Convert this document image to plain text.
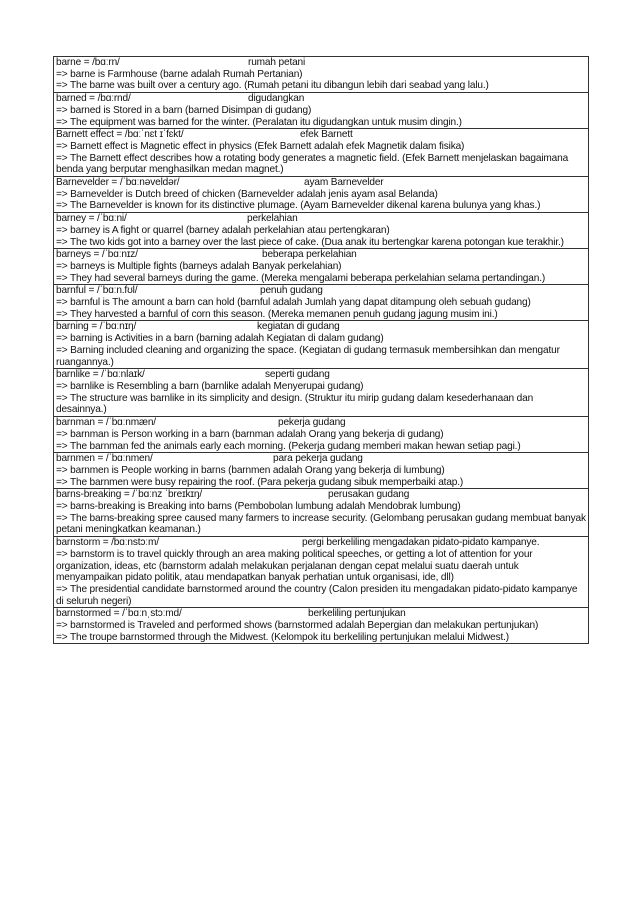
barne = /bɑːrn/	rumah petani
=> barne is Farmhouse (barne adalah Rumah Pertanian)
=> The barne was built over a century ago. (Rumah petani itu dibangun lebih dari seabad yang lalu.)
barned = /bɑːrnd/	digudangkan
=> barned is Stored in a barn (barned Disimpan di gudang)
=> The equipment was barned for the winter. (Peralatan itu digudangkan untuk musim dingin.)
Barnett effect = /bɑːˈnɛt ɪˈfɛkt/	efek Barnett
=> Barnett effect is Magnetic effect in physics (Efek Barnett adalah efek Magnetik dalam fisika)
=> The Barnett effect describes how a rotating body generates a magnetic field. (Efek Barnett menjelaskan bagaimana benda yang berputar menghasilkan medan magnet.)
Barnevelder = /ˈbɑːnəveldər/	ayam Barnevelder
=> Barnevelder is Dutch breed of chicken (Barnevelder adalah jenis ayam asal Belanda)
=> The Barnevelder is known for its distinctive plumage. (Ayam Barnevelder dikenal karena bulunya yang khas.)
barney = /ˈbɑːni/	perkelahian
=> barney is A fight or quarrel (barney adalah perkelahian atau pertengkaran)
=> The two kids got into a barney over the last piece of cake. (Dua anak itu bertengkar karena potongan kue terakhir.)
barneys = /ˈbɑːnɪz/	beberapa perkelahian
=> barneys is Multiple fights (barneys adalah Banyak perkelahian)
=> They had several barneys during the game. (Mereka mengalami beberapa perkelahian selama pertandingan.)
barnful = /ˈbɑːn.fʊl/	penuh gudang
=> barnful is The amount a barn can hold (barnful adalah Jumlah yang dapat ditampung oleh sebuah gudang)
=> They harvested a barnful of corn this season. (Mereka memanen penuh gudang jagung musim ini.)
barning = /ˈbɑːnɪŋ/	kegiatan di gudang
=> barning is Activities in a barn (barning adalah Kegiatan di dalam gudang)
=> Barning included cleaning and organizing the space. (Kegiatan di gudang termasuk membersihkan dan mengatur ruangannya.)
barnlike = /ˈbɑːnlaɪk/	seperti gudang
=> barnlike is Resembling a barn (barnlike adalah Menyerupai gudang)
=> The structure was barnlike in its simplicity and design. (Struktur itu mirip gudang dalam kesederhanaan dan desainnya.)
barnman = /ˈbɑːnmæn/	pekerja gudang
=> barnman is Person working in a barn (barnman adalah Orang yang bekerja di gudang)
=> The barnman fed the animals early each morning. (Pekerja gudang memberi makan hewan setiap pagi.)
barnmen = /ˈbɑːnmen/	para pekerja gudang
=> barnmen is People working in barns (barnmen adalah Orang yang bekerja di lumbung)
=> The barnmen were busy repairing the roof. (Para pekerja gudang sibuk memperbaiki atap.)
barns-breaking = /ˈbɑːnz ˈbreɪkɪŋ/	perusakan gudang
=> barns-breaking is Breaking into barns (Pembobolan lumbung adalah Mendobrak lumbung)
=> The barns-breaking spree caused many farmers to increase security. (Gelombang perusakan gudang membuat banyak petani meningkatkan keamanan.)
barnstorm = /bɑːnstɔːm/	pergi berkeliling mengadakan pidato-pidato kampanye.
=> barnstorm is to travel quickly through an area making political speeches, or getting a lot of attention for your organization, ideas, etc (barnstorm adalah melakukan perjalanan dengan cepat melalui suatu daerah untuk menyampaikan pidato politik, atau mendapatkan banyak perhatian untuk organisasi, ide, dll)
=> The presidential candidate barnstormed around the country (Calon presiden itu mengadakan pidato-pidato kampanye di seluruh negeri)
barnstormed = /ˈbɑːnˌstɔːmd/	berkeliling pertunjukan
=> barnstormed is Traveled and performed shows (barnstormed adalah Bepergian dan melakukan pertunjukan)
=> The troupe barnstormed through the Midwest. (Kelompok itu berkeliling pertunjukan melalui Midwest.)
